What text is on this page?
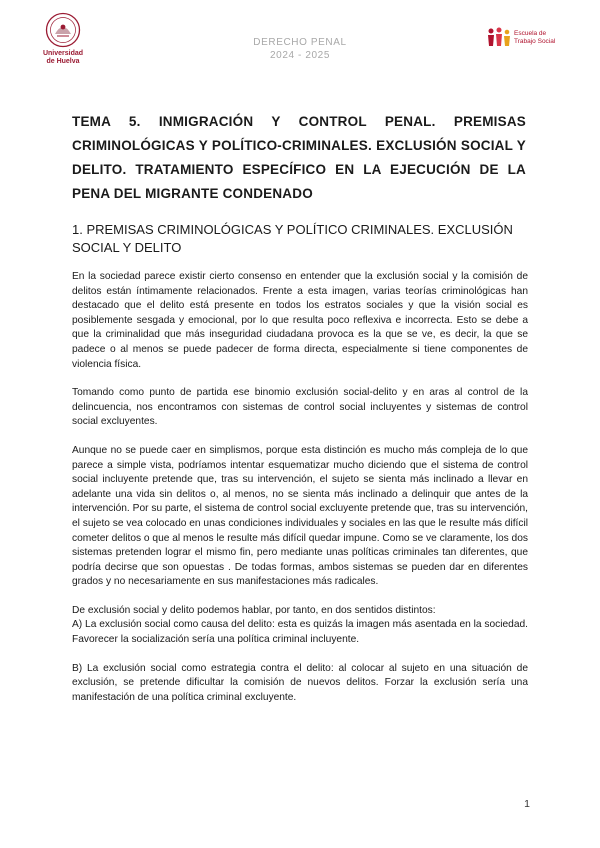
Universidad de Huelva
DERECHO PENAL
2024 - 2025
Escuela de
Trabajo Social
TEMA 5. INMIGRACIÓN Y CONTROL PENAL. PREMISAS CRIMINOLÓGICAS Y POLÍTICO-CRIMINALES. EXCLUSIÓN SOCIAL Y DELITO. TRATAMIENTO ESPECÍFICO EN LA EJECUCIÓN DE LA PENA DEL MIGRANTE CONDENADO
1. PREMISAS CRIMINOLÓGICAS Y POLÍTICO CRIMINALES. EXCLUSIÓN SOCIAL Y DELITO

En la sociedad parece existir cierto consenso en entender que la exclusión social y la comisión de delitos están íntimamente relacionados. Frente a esta imagen, varias teorías criminológicas han destacado que el delito está presente en todos los estratos sociales y que la visión social es posiblemente sesgada y emocional, por lo que resulta poco reflexiva e incorrecta. Esto se debe a que la criminalidad que más inseguridad ciudadana provoca es la que se ve, es decir, la que se padece o al menos se puede padecer de forma directa, especialmente si tiene componentes de violencia física.

Tomando como punto de partida ese binomio exclusión social-delito y en aras al control de la delincuencia, nos encontramos con sistemas de control social incluyentes y sistemas de control social excluyentes.

Aunque no se puede caer en simplismos, porque esta distinción es mucho más compleja de lo que parece a simple vista, podríamos intentar esquematizar mucho diciendo que el sistema de control social incluyente pretende que, tras su intervención, el sujeto se sienta más inclinado a llevar en adelante una vida sin delitos o, al menos, no se sienta más inclinado a delinquir que antes de la intervención. Por su parte, el sistema de control social excluyente pretende que, tras su intervención, el sujeto se vea colocado en unas condiciones individuales y sociales en las que le resulte más difícil cometer delitos o que al menos le resulte más difícil quedar impune. Como se ve claramente, los dos sistemas pretenden lograr el mismo fin, pero mediante unas políticas criminales tan diferentes, que podría decirse que son opuestas . De todas formas, ambos sistemas se pueden dar en diferentes grados y no necesariamente en sus manifestaciones más radicales.

De exclusión social y delito podemos hablar, por tanto, en dos sentidos distintos:

A) La exclusión social como causa del delito: esta es quizás la imagen más asentada en la sociedad. Favorecer la socialización sería una política criminal incluyente.

B) La exclusión social como estrategia contra el delito: al colocar al sujeto en una situación de exclusión, se pretende dificultar la comisión de nuevos delitos. Forzar la exclusión sería una manifestación de una política criminal excluyente.

1
